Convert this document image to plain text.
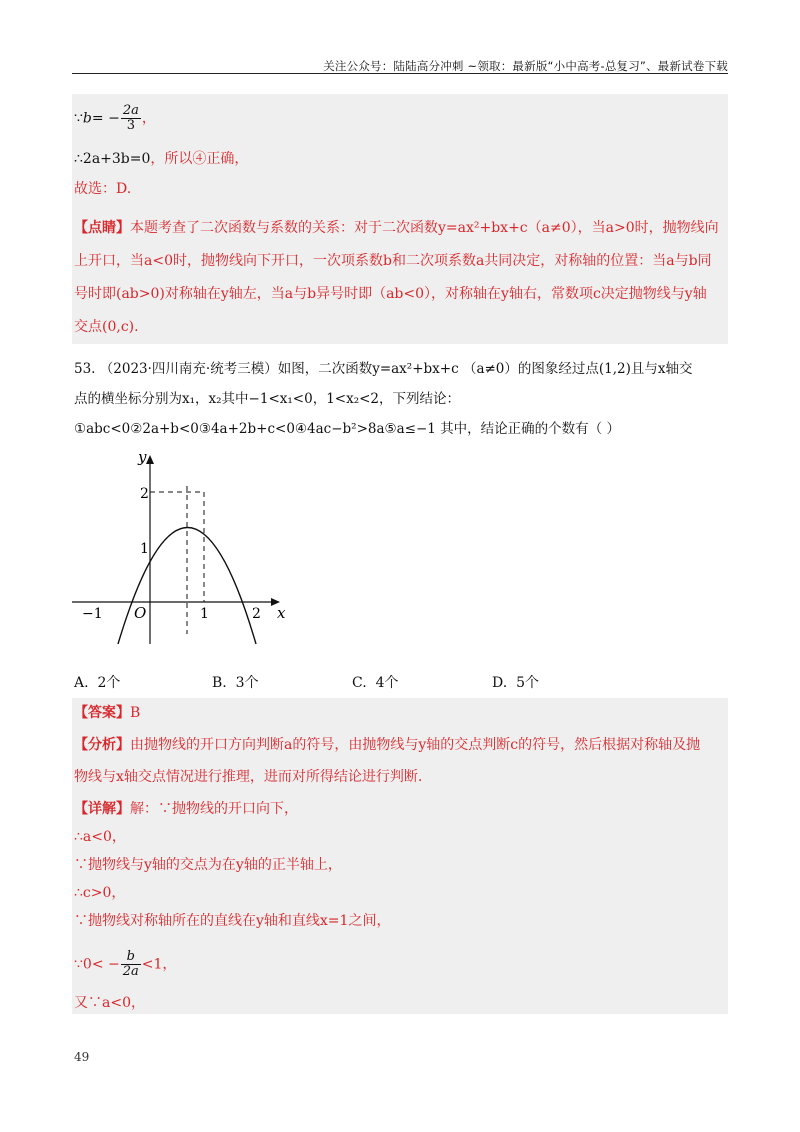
关注公众号：陆陆高分冲刺 ~领取：最新版“小中高考-总复习”、最新试卷下载
∵b= − $\frac{2a}{3}$ ，
∴2a+3b=0，所以④正确，
故选：D.
【点睛】本题考查了二次函数与系数的关系：对于二次函数y=ax²+bx+c（a≠0），当a>0时，抛物线向
上开口，当a<0时，抛物线向下开口，一次项系数b和二次项系数a共同决定，对称轴的位置：当a与b同
号时即(ab>0)对称轴在y轴左，当a与b异号时即（ab<0），对称轴在y轴右，常数项c决定抛物线与y轴
交点(0,c).
53. （2023·四川南充·统考三模）如图，二次函数y=ax²+bx+c （a≠0）的图象经过点(1,2)且与x轴交
点的横坐标分别为x₁，x₂其中−1<x₁<0，1<x₂<2，下列结论：
①abc<0②2a+b<0③4a+2b+c<0④4ac−b²>8a⑤a≤−1 其中，结论正确的个数有（ ）
y
x
O
−1	1	2
1
2
A. 2个	B. 3个	C. 4个	D. 5个
【答案】B
【分析】由抛物线的开口方向判断a的符号，由抛物线与y轴的交点判断c的符号，然后根据对称轴及抛
物线与x轴交点情况进行推理，进而对所得结论进行判断.
【详解】解：∵抛物线的开口向下，
∴a<0，
∵抛物线与y轴的交点为在y轴的正半轴上，
∴c>0，
∵抛物线对称轴所在的直线在y轴和直线x=1之间，
∵0< − $\frac{b}{2a} <1$，
又∵a<0，
49
